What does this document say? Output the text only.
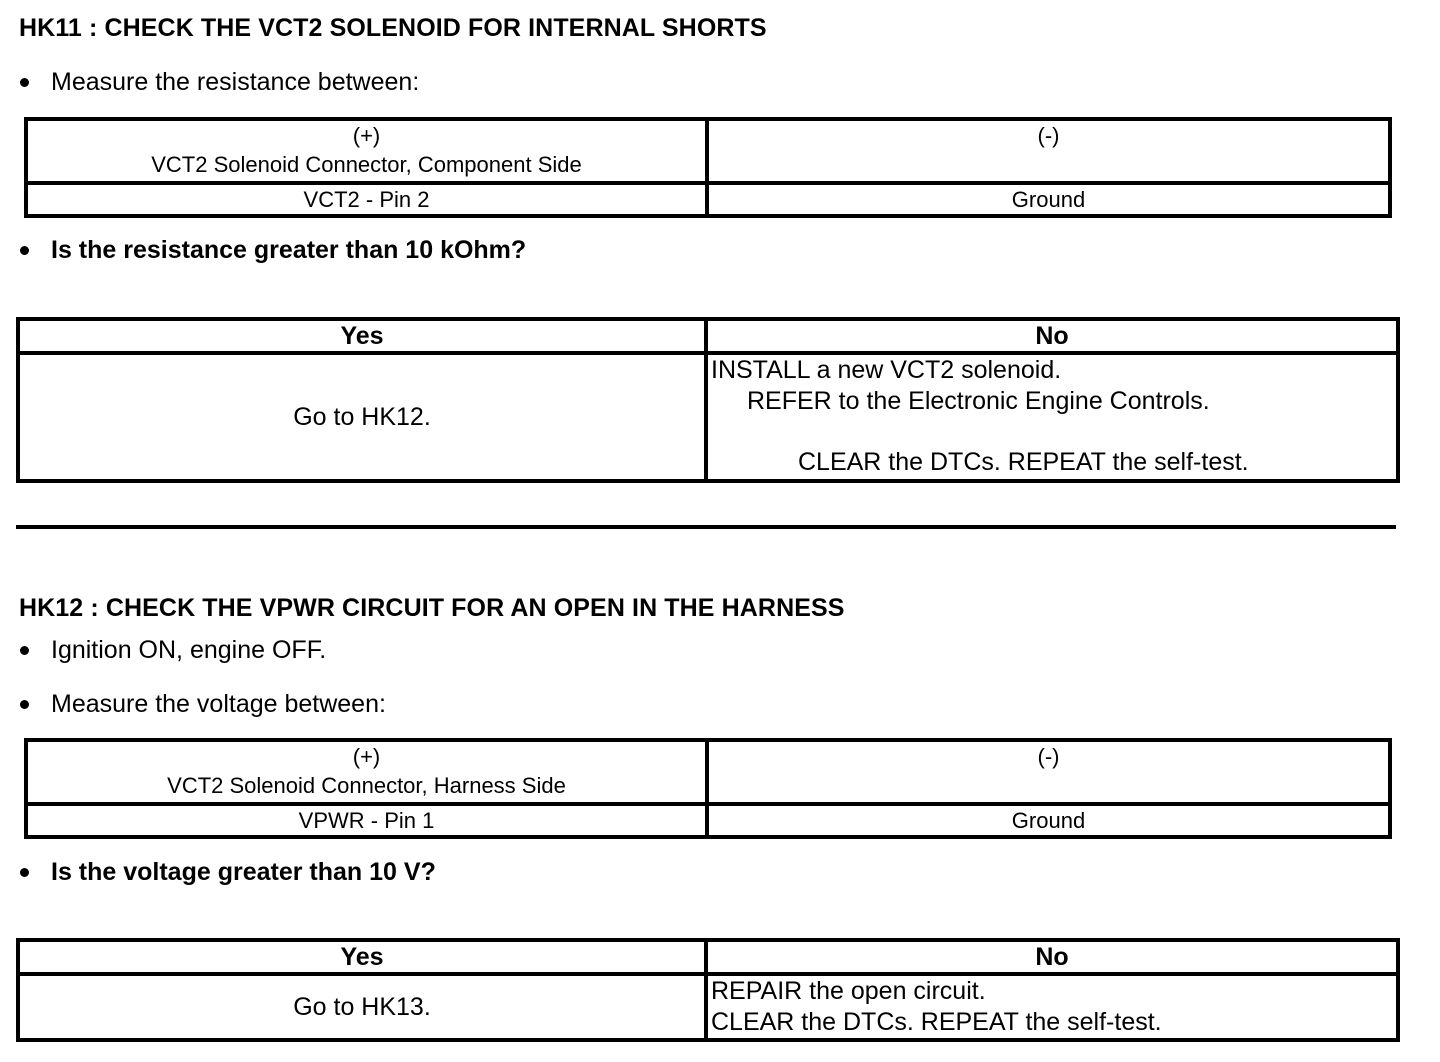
HK11 : CHECK THE VCT2 SOLENOID FOR INTERNAL SHORTS
Measure the resistance between:
(+)
VCT2 Solenoid Connector, Component Side	(-)

VCT2 - Pin 2	Ground
Is the resistance greater than 10 kOhm?
Yes	No
Go to HK12.	INSTALL a new VCT2 solenoid.
REFER to the Electronic Engine Controls.
CLEAR the DTCs. REPEAT the self-test.
HK12 : CHECK THE VPWR CIRCUIT FOR AN OPEN IN THE HARNESS
Ignition ON, engine OFF.
Measure the voltage between:
(+)
VCT2 Solenoid Connector, Harness Side	(-)

VPWR - Pin 1	Ground
Is the voltage greater than 10 V?
Yes	No
Go to HK13.	REPAIR the open circuit.
CLEAR the DTCs. REPEAT the self-test.
